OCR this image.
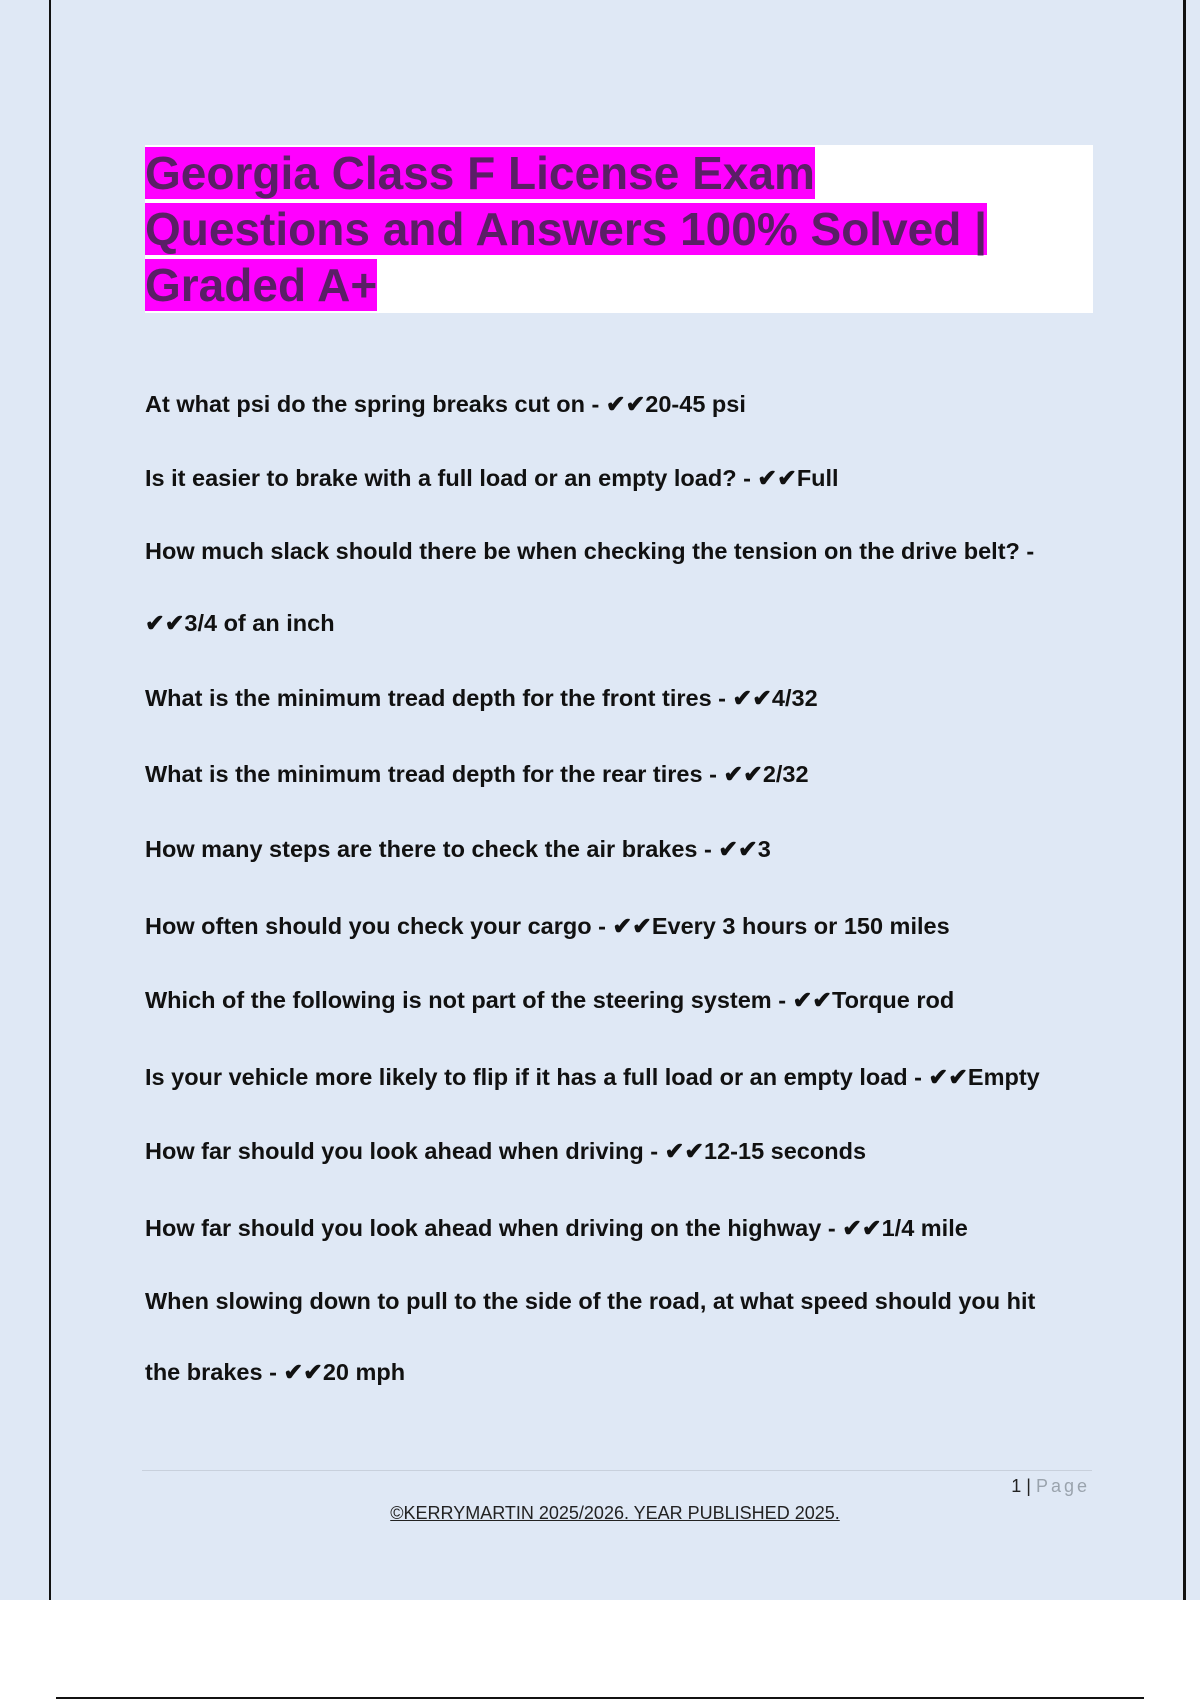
Georgia Class F License Exam
Questions and Answers 100% Solved |
Graded A+

At what psi do the spring breaks cut on - ✔✔20-45 psi

Is it easier to brake with a full load or an empty load? - ✔✔Full

How much slack should there be when checking the tension on the drive belt? -

✔✔3/4 of an inch

What is the minimum tread depth for the front tires - ✔✔4/32

What is the minimum tread depth for the rear tires - ✔✔2/32

How many steps are there to check the air brakes - ✔✔3

How often should you check your cargo - ✔✔Every 3 hours or 150 miles

Which of the following is not part of the steering system - ✔✔Torque rod

Is your vehicle more likely to flip if it has a full load or an empty load - ✔✔Empty

How far should you look ahead when driving - ✔✔12-15 seconds

How far should you look ahead when driving on the highway - ✔✔1/4 mile

When slowing down to pull to the side of the road, at what speed should you hit

the brakes - ✔✔20 mph

1 | Page
©KERRYMARTIN 2025/2026. YEAR PUBLISHED 2025.
